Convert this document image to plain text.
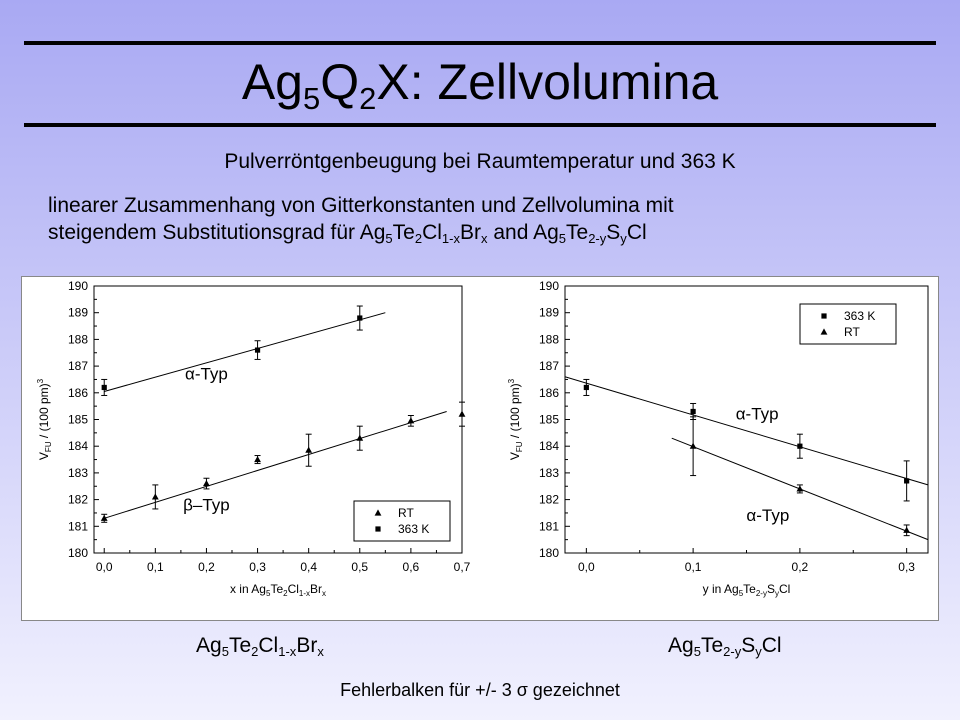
Ag5Q2X: Zellvolumina
Pulverröntgenbeugung bei Raumtemperatur und 363 K
linearer Zusammenhang von Gitterkonstanten und Zellvolumina mit
steigendem Substitutionsgrad für Ag5Te2Cl1-xBrx and Ag5Te2-ySyCl
180
181
182
183
184
185
186
187
188
189
190
0,0	0,1	0,2	0,3	0,4	0,5	0,6	0,7
x in $Ag_5Te_2Cl_{1-x}Br_x$
$V_{FU} / (100$ pm)$^3$	α-Typ
β–Typ	RT
363 K
180
181
182
183
184
185
186
187
188
189
190
0,0	0,1	0,2	0,3
y in $Ag_5Te_{2-y}S_yCl$
$V_{FU} / (100$ pm)$^3$
α-Typ
α-Typ
363 K
RT
Ag5Te2Cl1-xBrx	Ag5Te2-ySyCl
Fehlerbalken für +/- 3 σ gezeichnet
